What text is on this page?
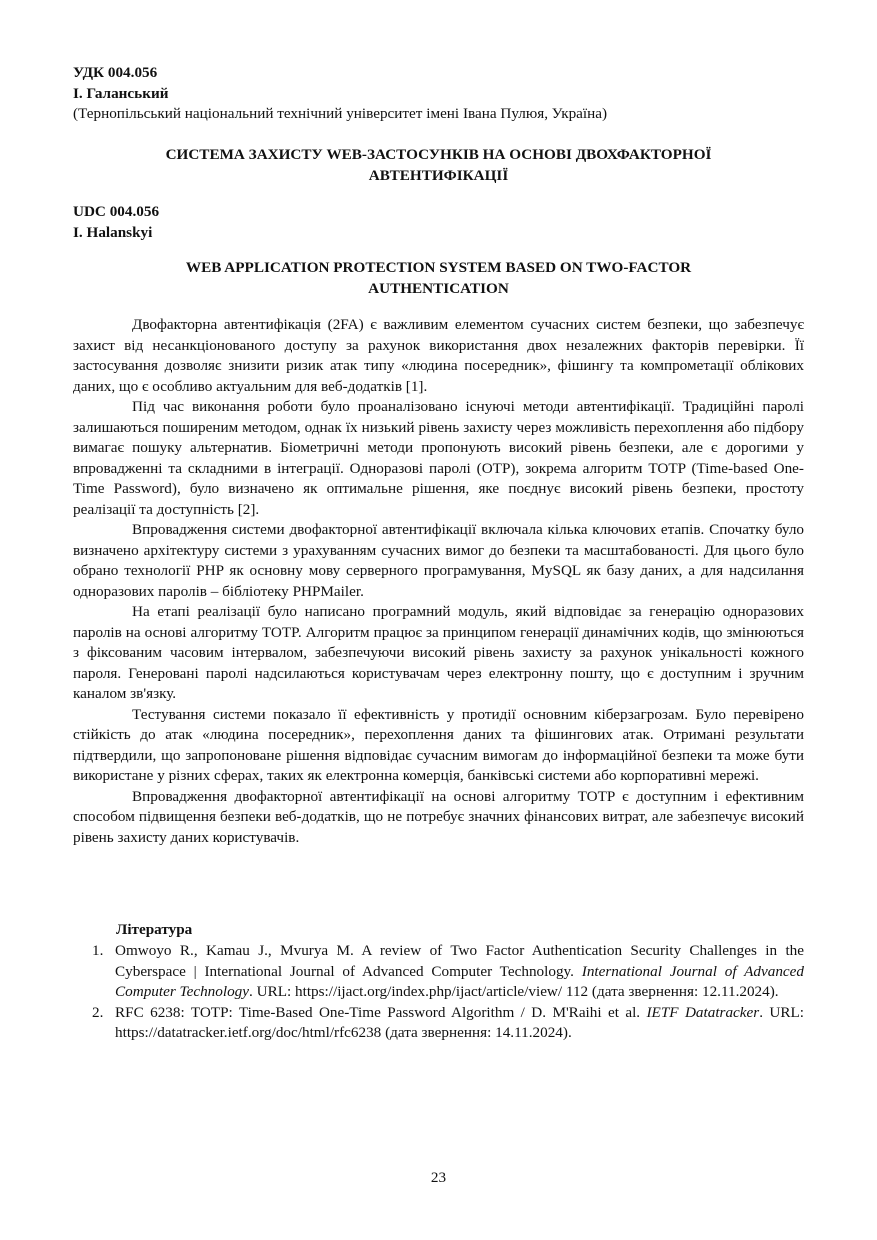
УДК 004.056
І. Галанський
(Тернопільський національний технічний університет імені Івана Пулюя, Україна)
СИСТЕМА ЗАХИСТУ WEB-ЗАСТОСУНКІВ НА ОСНОВІ ДВОХФАКТОРНОЇ
АВТЕНТИФІКАЦІЇ
UDC 004.056
I. Halanskyi
WEB APPLICATION PROTECTION SYSTEM BASED ON TWO-FACTOR
AUTHENTICATION

Двофакторна автентифікація (2FA) є важливим елементом сучасних систем безпеки, що забезпечує захист від несанкціонованого доступу за рахунок використання двох незалежних факторів перевірки. Її застосування дозволяє знизити ризик атак типу «людина посередник», фішингу та компрометації облікових даних, що є особливо актуальним для веб-додатків [1].

Під час виконання роботи було проаналізовано існуючі методи автентифікації. Традиційні паролі залишаються поширеним методом, однак їх низький рівень захисту через можливість перехоплення або підбору вимагає пошуку альтернатив. Біометричні методи пропонують високий рівень безпеки, але є дорогими у впровадженні та складними в інтеграції. Одноразові паролі (OTP), зокрема алгоритм TOTP (Time-based One-Time Password), було визначено як оптимальне рішення, яке поєднує високий рівень безпеки, простоту реалізації та доступність [2].

Впровадження системи двофакторної автентифікації включала кілька ключових етапів. Спочатку було визначено архітектуру системи з урахуванням сучасних вимог до безпеки та масштабованості. Для цього було обрано технології PHP як основну мову серверного програмування, MySQL як базу даних, а для надсилання одноразових паролів – бібліотеку PHPMailer.

На етапі реалізації було написано програмний модуль, який відповідає за генерацію одноразових паролів на основі алгоритму TOTP. Алгоритм працює за принципом генерації динамічних кодів, що змінюються з фіксованим часовим інтервалом, забезпечуючи високий рівень захисту за рахунок унікальності кожного пароля. Генеровані паролі надсилаються користувачам через електронну пошту, що є доступним і зручним каналом зв'язку.

Тестування системи показало її ефективність у протидії основним кіберзагрозам. Було перевірено стійкість до атак «людина посередник», перехоплення даних та фішингових атак. Отримані результати підтвердили, що запропоноване рішення відповідає сучасним вимогам до інформаційної безпеки та може бути використане у різних сферах, таких як електронна комерція, банківські системи або корпоративні мережі.

Впровадження двофакторної автентифікації на основі алгоритму TOTP є доступним і ефективним способом підвищення безпеки веб-додатків, що не потребує значних фінансових витрат, але забезпечує високий рівень захисту даних користувачів.

Література
1. Omwoyo R., Kamau J., Mvurya M. A review of Two Factor Authentication Security Challenges in the Cyberspace | International Journal of Advanced Computer Technology. International Journal of Advanced Computer Technology. URL: https://ijact.org/index.php/ijact/article/view/ 112 (дата звернення: 12.11.2024).
2. RFC 6238: TOTP: Time-Based One-Time Password Algorithm / D. M'Raihi et al. IETF Datatracker. URL: https://datatracker.ietf.org/doc/html/rfc6238 (дата звернення: 14.11.2024).
23
